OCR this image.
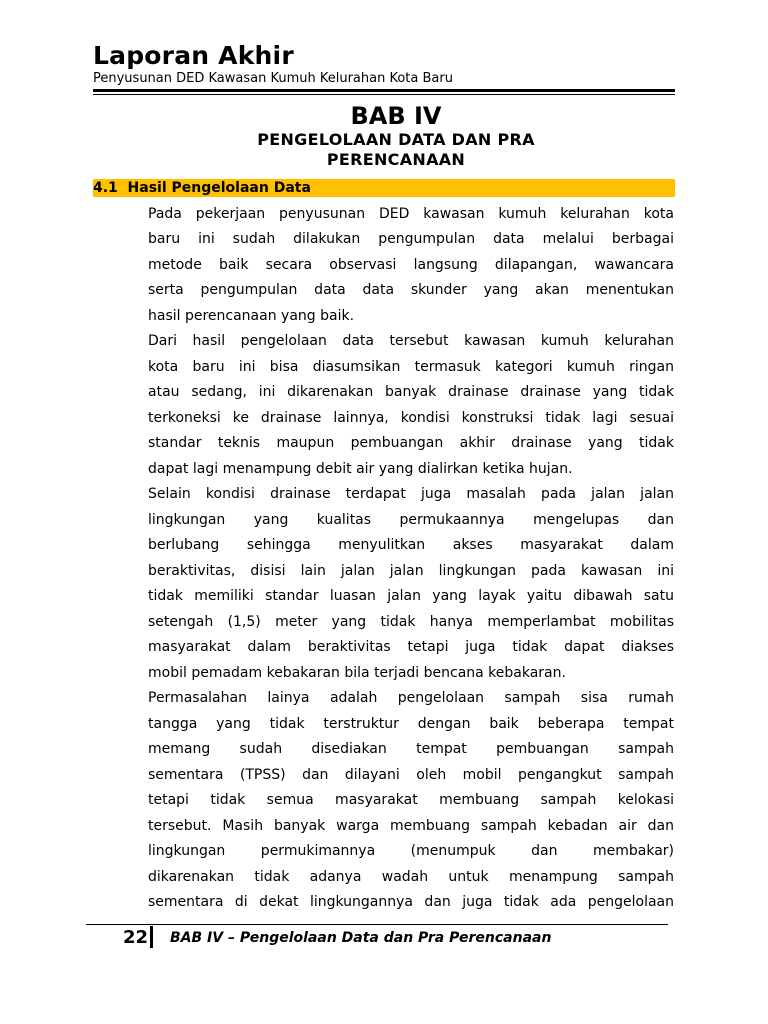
Laporan Akhir
Penyusunan DED Kawasan Kumuh Kelurahan Kota Baru
BAB IV
PENGELOLAAN DATA DAN PRA
PERENCANAAN
4.1  Hasil Pengelolaan Data
Pada pekerjaan penyusunan DED kawasan kumuh kelurahan kota
baru ini sudah dilakukan pengumpulan data melalui berbagai
metode baik secara observasi langsung dilapangan, wawancara
serta pengumpulan data data skunder yang akan menentukan
hasil perencanaan yang baik.
Dari hasil pengelolaan data tersebut kawasan kumuh kelurahan
kota baru ini bisa diasumsikan termasuk kategori kumuh ringan
atau sedang, ini dikarenakan banyak drainase drainase yang tidak
terkoneksi ke drainase lainnya, kondisi konstruksi tidak lagi sesuai
standar teknis maupun pembuangan akhir drainase yang tidak
dapat lagi menampung debit air yang dialirkan ketika hujan.
Selain kondisi drainase terdapat juga masalah pada jalan jalan
lingkungan yang kualitas permukaannya mengelupas dan
berlubang sehingga menyulitkan akses masyarakat dalam
beraktivitas, disisi lain jalan jalan lingkungan pada kawasan ini
tidak memiliki standar luasan jalan yang layak yaitu dibawah satu
setengah (1,5) meter yang tidak hanya memperlambat mobilitas
masyarakat dalam beraktivitas tetapi juga tidak dapat diakses
mobil pemadam kebakaran bila terjadi bencana kebakaran.
Permasalahan lainya adalah pengelolaan sampah sisa rumah
tangga yang tidak terstruktur dengan baik beberapa tempat
memang sudah disediakan tempat pembuangan sampah
sementara (TPSS) dan dilayani oleh mobil pengangkut sampah
tetapi tidak semua masyarakat membuang sampah kelokasi
tersebut. Masih banyak warga membuang sampah kebadan air dan
lingkungan permukimannya (menumpuk dan membakar)
dikarenakan tidak adanya wadah untuk menampung sampah
sementara di dekat lingkungannya dan juga tidak ada pengelolaan
22 BAB IV – Pengelolaan Data dan Pra Perencanaan
